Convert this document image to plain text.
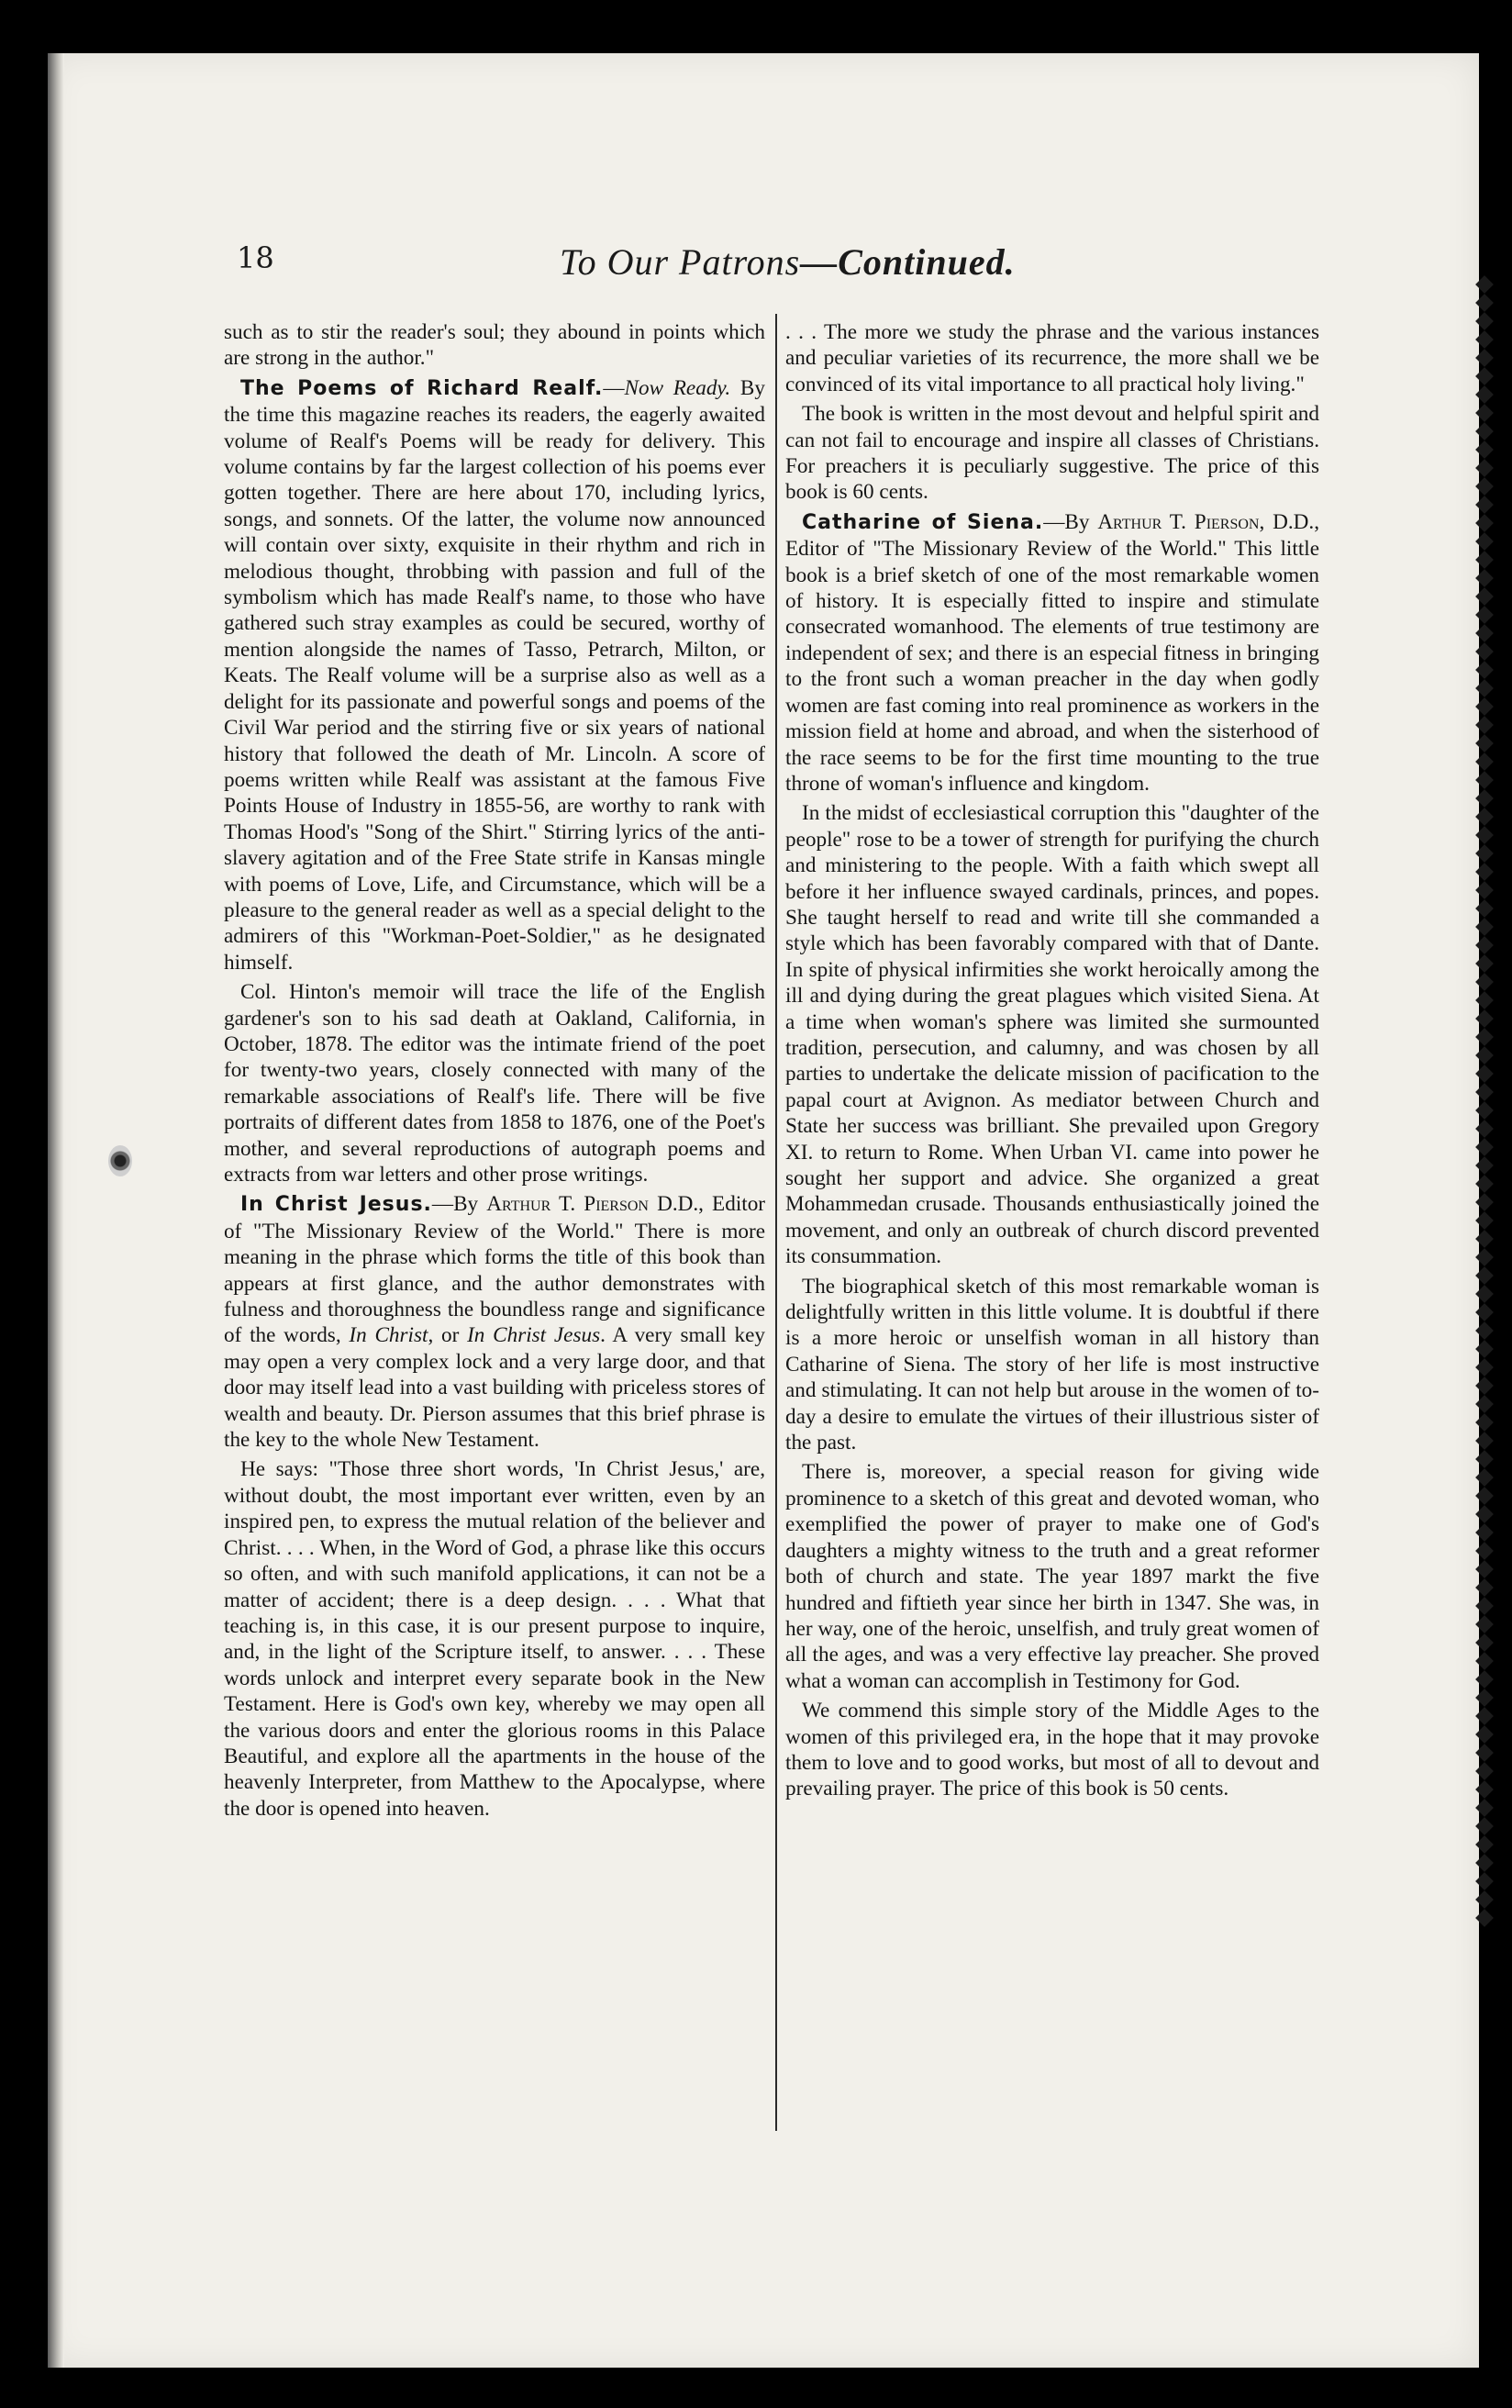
18	To Our Patrons—Continued.

such as to stir the reader's soul; they abound in points which are strong in the author."

The Poems of Richard Realf.—Now Ready. By the time this magazine reaches its readers, the eagerly awaited volume of Realf's Poems will be ready for delivery. This volume contains by far the largest collection of his poems ever gotten together. There are here about 170, including lyrics, songs, and sonnets. Of the latter, the volume now announced will contain over sixty, exquisite in their rhythm and rich in melodious thought, throbbing with passion and full of the symbolism which has made Realf's name, to those who have gathered such stray examples as could be secured, worthy of mention alongside the names of Tasso, Petrarch, Milton, or Keats. The Realf volume will be a surprise also as well as a delight for its passionate and powerful songs and poems of the Civil War period and the stirring five or six years of national history that followed the death of Mr. Lincoln. A score of poems written while Realf was assistant at the famous Five Points House of Industry in 1855-56, are worthy to rank with Thomas Hood's "Song of the Shirt." Stirring lyrics of the anti-slavery agitation and of the Free State strife in Kansas mingle with poems of Love, Life, and Circumstance, which will be a pleasure to the general reader as well as a special delight to the admirers of this "Workman-Poet-Soldier," as he designated himself.

Col. Hinton's memoir will trace the life of the English gardener's son to his sad death at Oakland, California, in October, 1878. The editor was the intimate friend of the poet for twenty-two years, closely connected with many of the remarkable associations of Realf's life. There will be five portraits of different dates from 1858 to 1876, one of the Poet's mother, and several reproductions of autograph poems and extracts from war letters and other prose writings.

In Christ Jesus.—By Arthur T. Pierson D.D., Editor of "The Missionary Review of the World." There is more meaning in the phrase which forms the title of this book than appears at first glance, and the author demonstrates with fulness and thoroughness the boundless range and significance of the words, In Christ, or In Christ Jesus. A very small key may open a very complex lock and a very large door, and that door may itself lead into a vast building with priceless stores of wealth and beauty. Dr. Pierson assumes that this brief phrase is the key to the whole New Testament.

He says: "Those three short words, 'In Christ Jesus,' are, without doubt, the most important ever written, even by an inspired pen, to express the mutual relation of the believer and Christ. . . . When, in the Word of God, a phrase like this occurs so often, and with such manifold applications, it can not be a matter of accident; there is a deep design. . . . What that teaching is, in this case, it is our present purpose to inquire, and, in the light of the Scripture itself, to answer. . . . These words unlock and interpret every separate book in the New Testament. Here is God's own key, whereby we may open all the various doors and enter the glorious rooms in this Palace Beautiful, and explore all the apartments in the house of the heavenly Interpreter, from Matthew to the Apocalypse, where the door is opened into heaven.

. . . The more we study the phrase and the various instances and peculiar varieties of its recurrence, the more shall we be convinced of its vital importance to all practical holy living."

The book is written in the most devout and helpful spirit and can not fail to encourage and inspire all classes of Christians. For preachers it is peculiarly suggestive. The price of this book is 60 cents.

Catharine of Siena.—By Arthur T. Pierson, D.D., Editor of "The Missionary Review of the World." This little book is a brief sketch of one of the most remarkable women of history. It is especially fitted to inspire and stimulate consecrated womanhood. The elements of true testimony are independent of sex; and there is an especial fitness in bringing to the front such a woman preacher in the day when godly women are fast coming into real prominence as workers in the mission field at home and abroad, and when the sisterhood of the race seems to be for the first time mounting to the true throne of woman's influence and kingdom.

In the midst of ecclesiastical corruption this "daughter of the people" rose to be a tower of strength for purifying the church and ministering to the people. With a faith which swept all before it her influence swayed cardinals, princes, and popes. She taught herself to read and write till she commanded a style which has been favorably compared with that of Dante. In spite of physical infirmities she workt heroically among the ill and dying during the great plagues which visited Siena. At a time when woman's sphere was limited she surmounted tradition, persecution, and calumny, and was chosen by all parties to undertake the delicate mission of pacification to the papal court at Avignon. As mediator between Church and State her success was brilliant. She prevailed upon Gregory XI. to return to Rome. When Urban VI. came into power he sought her support and advice. She organized a great Mohammedan crusade. Thousands enthusiastically joined the movement, and only an outbreak of church discord prevented its consummation.

The biographical sketch of this most remarkable woman is delightfully written in this little volume. It is doubtful if there is a more heroic or unselfish woman in all history than Catharine of Siena. The story of her life is most instructive and stimulating. It can not help but arouse in the women of to-day a desire to emulate the virtues of their illustrious sister of the past.

There is, moreover, a special reason for giving wide prominence to a sketch of this great and devoted woman, who exemplified the power of prayer to make one of God's daughters a mighty witness to the truth and a great reformer both of church and state. The year 1897 markt the five hundred and fiftieth year since her birth in 1347. She was, in her way, one of the heroic, unselfish, and truly great women of all the ages, and was a very effective lay preacher. She proved what a woman can accomplish in Testimony for God.

We commend this simple story of the Middle Ages to the women of this privileged era, in the hope that it may provoke them to love and to good works, but most of all to devout and prevailing prayer. The price of this book is 50 cents.
